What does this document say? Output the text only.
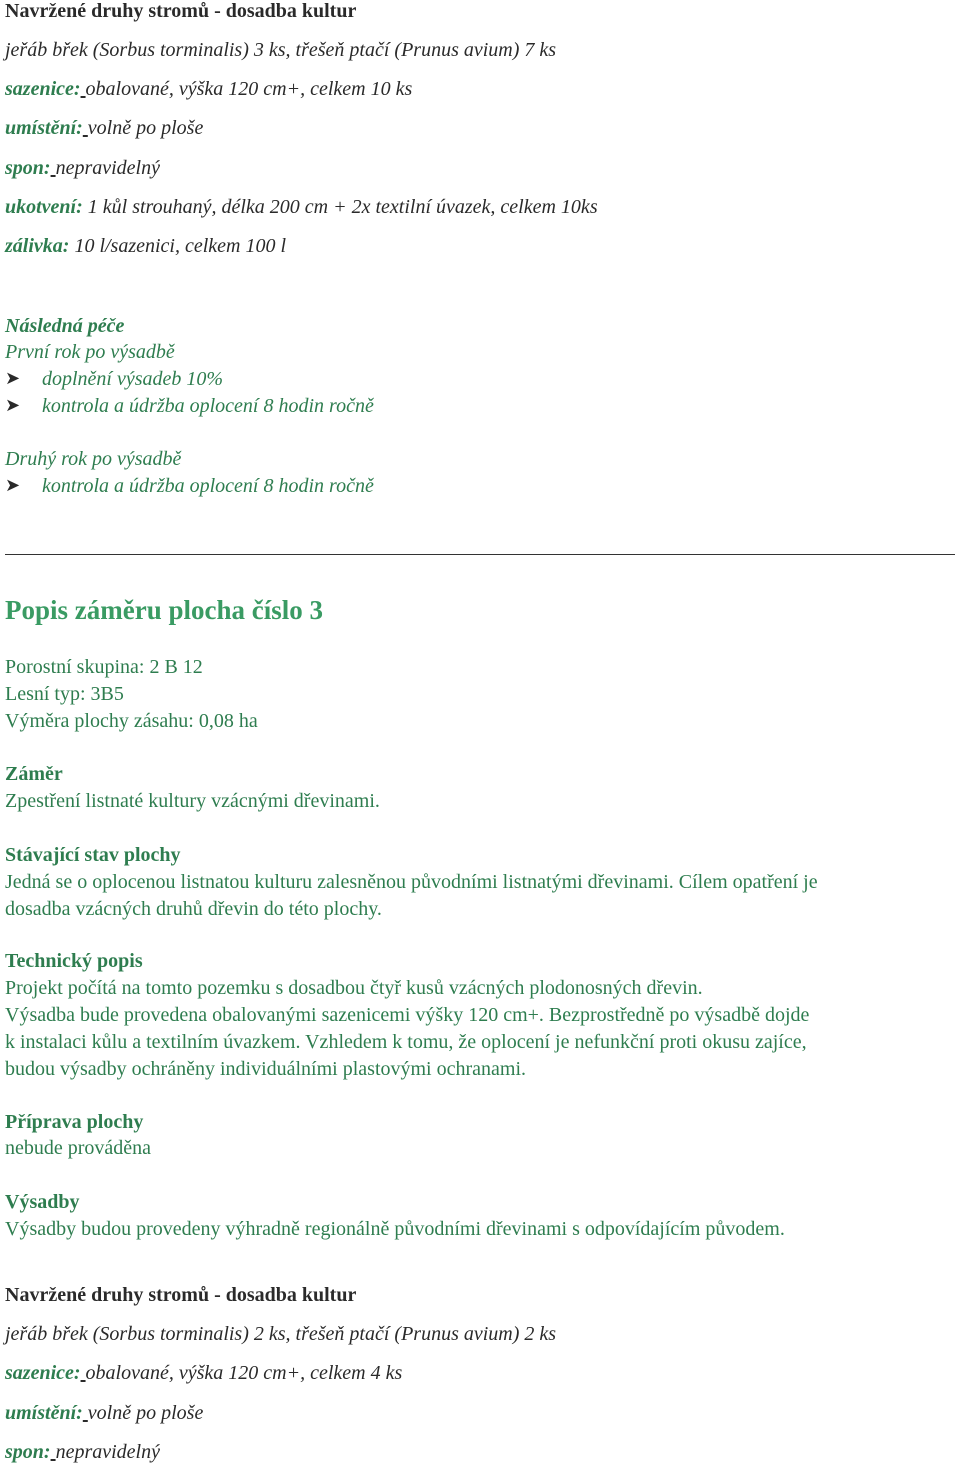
Navržené druhy stromů - dosadba kultur
jeřáb břek (Sorbus torminalis) 3 ks, třešeň ptačí (Prunus avium) 7 ks
sazenice: obalované, výška 120 cm+, celkem 10 ks
umístění: volně po ploše
spon: nepravidelný
ukotvení: 1 kůl strouhaný, délka 200 cm + 2x textilní úvazek, celkem 10ks
zálivka: 10 l/sazenici, celkem 100 l
Následná péče
První rok po výsadbě
➤ doplnění výsadeb 10%
➤ kontrola a údržba oplocení 8 hodin ročně
Druhý rok po výsadbě
➤ kontrola a údržba oplocení 8 hodin ročně
Popis záměru plocha číslo 3
Porostní skupina: 2 B 12
Lesní typ: 3B5
Výměra plochy zásahu: 0,08 ha
Záměr
Zpestření listnaté kultury vzácnými dřevinami.
Stávající stav plochy
Jedná se o oplocenou listnatou kulturu zalesněnou původními listnatými dřevinami. Cílem opatření je
dosadba vzácných druhů dřevin do této plochy.
Technický popis
Projekt počítá na tomto pozemku s dosadbou čtyř kusů vzácných plodonosných dřevin.
Výsadba bude provedena obalovanými sazenicemi výšky 120 cm+. Bezprostředně po výsadbě dojde
k instalaci kůlu a textilním úvazkem. Vzhledem k tomu, že oplocení je nefunkční proti okusu zajíce,
budou výsadby ochráněny individuálními plastovými ochranami.
Příprava plochy
nebude prováděna
Výsadby
Výsadby budou provedeny výhradně regionálně původními dřevinami s odpovídajícím původem.
Navržené druhy stromů - dosadba kultur
jeřáb břek (Sorbus torminalis) 2 ks, třešeň ptačí (Prunus avium) 2 ks
sazenice: obalované, výška 120 cm+, celkem 4 ks
umístění: volně po ploše
spon: nepravidelný
